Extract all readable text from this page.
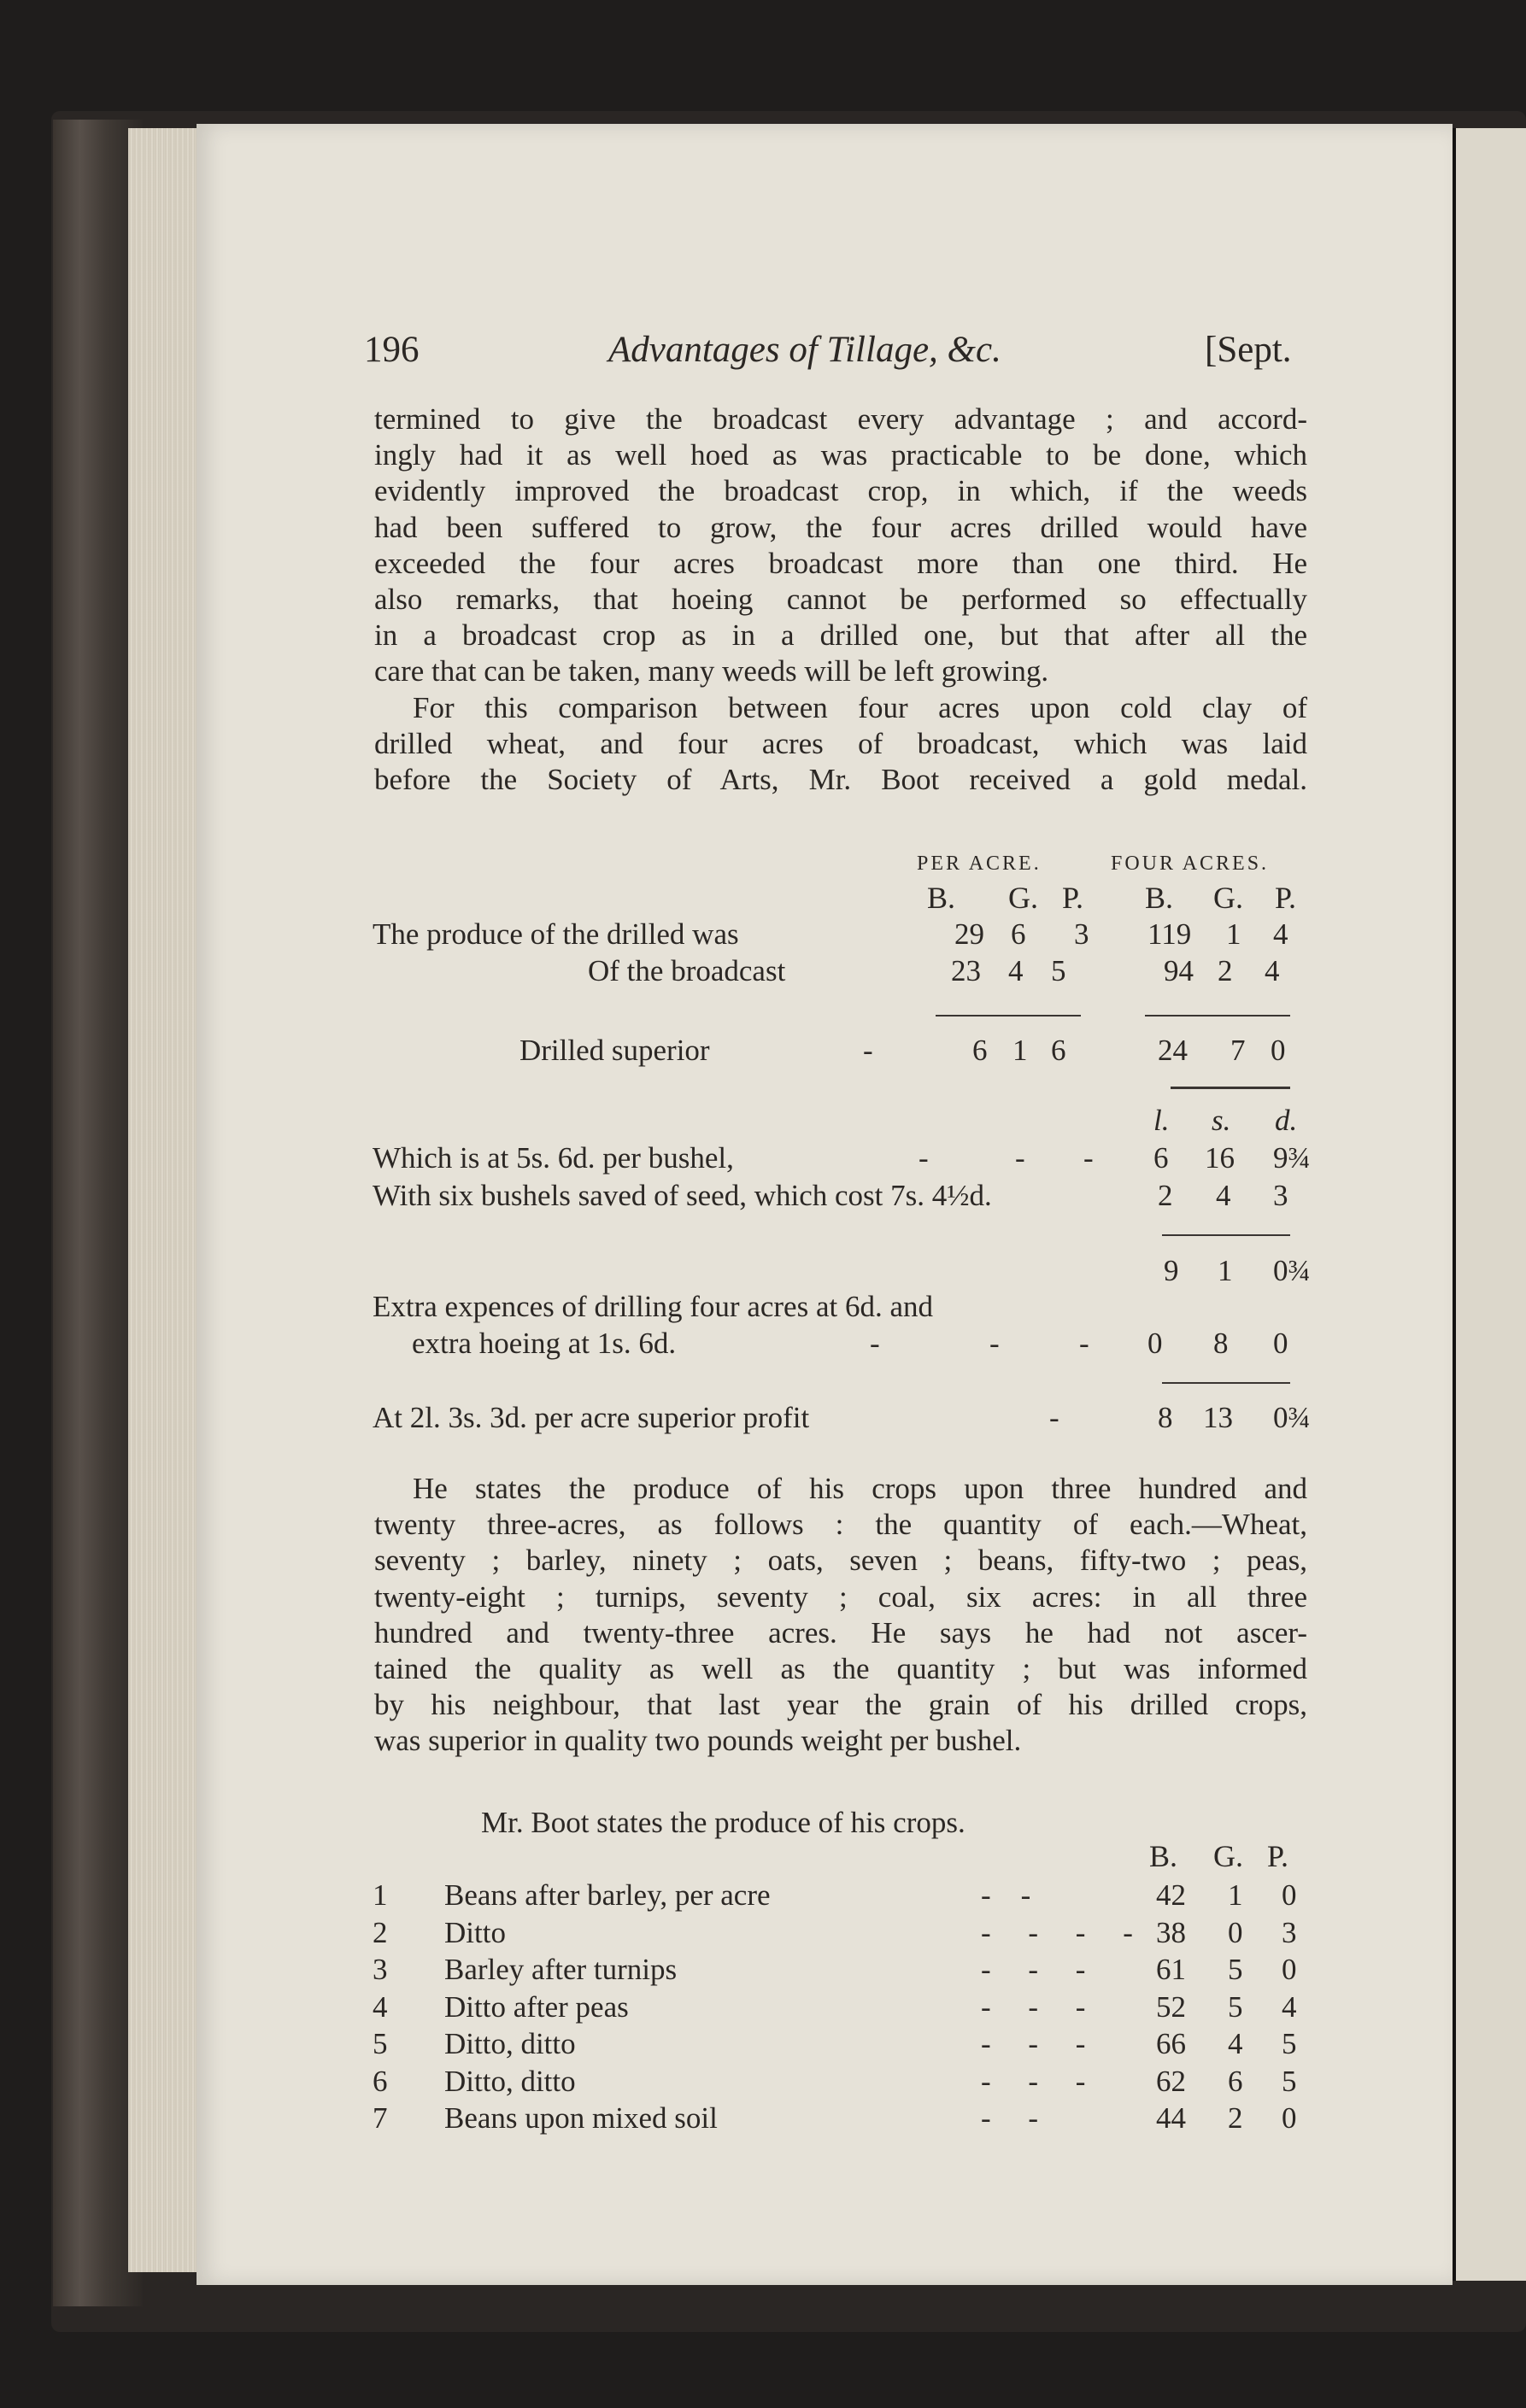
196	Advantages of Tillage, &c.	[Sept.
termined to give the broadcast every advantage ; and accord-
ingly had it as well hoed as was practicable to be done, which
evidently improved the broadcast crop, in which, if the weeds
had been suffered to grow, the four acres drilled would have
exceeded the four acres broadcast more than one third. He
also remarks, that hoeing cannot be performed so effectually
in a broadcast crop as in a drilled one, but that after all the
care that can be taken, many weeds will be left growing.
For this comparison between four acres upon cold clay of
drilled wheat, and four acres of broadcast, which was laid
before the Society of Arts, Mr. Boot received a gold medal.
PER ACRE.	FOUR ACRES.
B. G. P. B. G. P.
The produce of the drilled was	29 6 3 119 1 4
Of the broadcast	23 4 5	94 2 4
Drilled superior	-	6 1 6	24 7 0
l. s. d.
Which is at 5s. 6d. per bushel,	-	- - 6 16 9¾
With six bushels saved of seed, which cost 7s. 4½d.	2 4 3
9 1 0¾
Extra expences of drilling four acres at 6d. and
extra hoeing at 1s. 6d.	-	-	- 0 8 0
At 2l. 3s. 3d. per acre superior profit	-	8 13 0¾
He states the produce of his crops upon three hundred and
twenty three-acres, as follows : the quantity of each.—Wheat,
seventy ; barley, ninety ; oats, seven ; beans, fifty-two ; peas,
twenty-eight ; turnips, seventy ; coal, six acres: in all three
hundred and twenty-three acres. He says he had not ascer-
tained the quality as well as the quantity ; but was informed
by his neighbour, that last year the grain of his drilled crops,
was superior in quality two pounds weight per bushel.
Mr. Boot states the produce of his crops.
B. G. P.
1 Beans after barley, per acre	-    -	42 1 0
2 Ditto	-     -     -     - 38 0 3
3 Barley after turnips	-     -     - 61 5 0
4 Ditto after peas	-     -     - 52 5 4
5 Ditto, ditto	-     -     - 66 4 5
6 Ditto, ditto	-     -     - 62 6 5
7 Beans upon mixed soil	-     -	44 2 0
